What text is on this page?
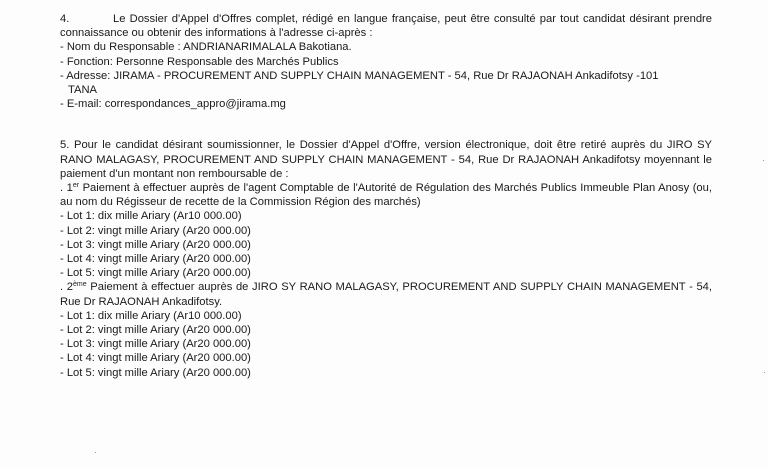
4.	Le Dossier d'Appel d'Offres complet, rédigé en langue française, peut être consulté par tout candidat désirant prendre connaissance ou obtenir des informations à l'adresse ci-après :

- Nom du Responsable : ANDRIANARIMALALA Bakotiana.

- Fonction: Personne Responsable des Marchés Publics

- Adresse: JIRAMA - PROCUREMENT AND SUPPLY CHAIN MANAGEMENT - 54, Rue Dr RAJAONAH Ankadifotsy -101

TANA

- E-mail: correspondances_appro@jirama.mg

5. Pour le candidat désirant soumissionner, le Dossier d'Appel d'Offre, version électronique, doit être retiré auprès du JIRO SY RANO MALAGASY, PROCUREMENT AND SUPPLY CHAIN MANAGEMENT - 54, Rue Dr RAJAONAH Ankadifotsy moyennant le paiement d'un montant non remboursable de :

. 1er Paiement à effectuer auprès de l'agent Comptable de l'Autorité de Régulation des Marchés Publics Immeuble Plan Anosy (ou, au nom du Régisseur de recette de la Commission Région des marchés)

- Lot 1: dix mille Ariary (Ar10 000.00)

- Lot 2: vingt mille Ariary (Ar20 000.00)

- Lot 3: vingt mille Ariary (Ar20 000.00)

- Lot 4: vingt mille Ariary (Ar20 000.00)

- Lot 5: vingt mille Ariary (Ar20 000.00)

. 2ème Paiement à effectuer auprès de JIRO SY RANO MALAGASY, PROCUREMENT AND SUPPLY CHAIN MANAGEMENT - 54, Rue Dr RAJAONAH Ankadifotsy.

- Lot 1: dix mille Ariary (Ar10 000.00)

- Lot 2: vingt mille Ariary (Ar20 000.00)

- Lot 3: vingt mille Ariary (Ar20 000.00)

- Lot 4: vingt mille Ariary (Ar20 000.00)

- Lot 5: vingt mille Ariary (Ar20 000.00)
